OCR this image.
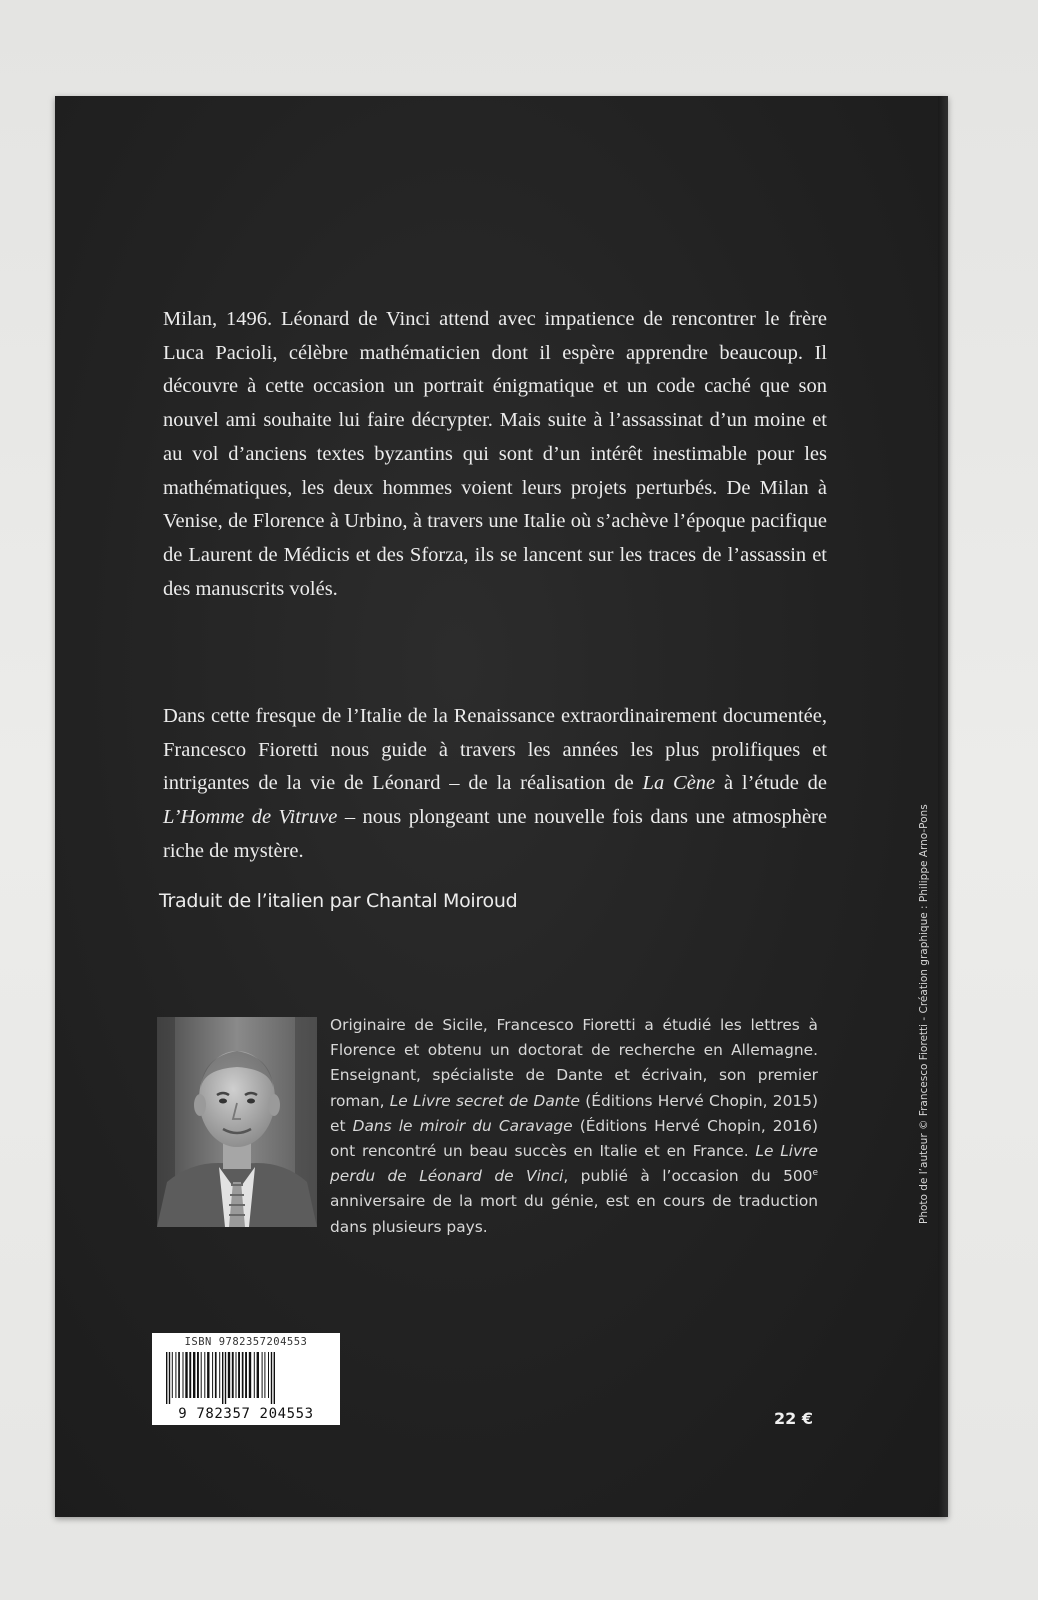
Milan, 1496. Léonard de Vinci attend avec impatience de rencontrer le frère Luca Pacioli, célèbre mathématicien dont il espère apprendre beaucoup. Il découvre à cette occasion un portrait énigmatique et un code caché que son nouvel ami souhaite lui faire décrypter. Mais suite à l’assassinat d’un moine et au vol d’anciens textes byzantins qui sont d’un intérêt inestimable pour les mathématiques, les deux hommes voient leurs projets perturbés. De Milan à Venise, de Florence à Urbino, à travers une Italie où s’achève l’époque pacifique de Laurent de Médicis et des Sforza, ils se lancent sur les traces de l’assassin et des manuscrits volés.

Dans cette fresque de l’Italie de la Renaissance extraordinairement documentée, Francesco Fioretti nous guide à travers les années les plus prolifiques et intrigantes de la vie de Léonard – de la réalisation de La Cène à l’étude de L’Homme de Vitruve – nous plongeant une nouvelle fois dans une atmosphère riche de mystère.

Traduit de l’italien par Chantal Moiroud

Originaire de Sicile, Francesco Fioretti a étudié les lettres à Florence et obtenu un doctorat de recherche en Allemagne. Enseignant, spécialiste de Dante et écrivain, son premier roman, Le Livre secret de Dante (Éditions Hervé Chopin, 2015) et Dans le miroir du Caravage (Éditions Hervé Chopin, 2016) ont rencontré un beau succès en Italie et en France. Le Livre perdu de Léonard de Vinci, publié à l’occasion du 500e anniversaire de la mort du génie, est en cours de traduction dans plusieurs pays.

ISBN 9782357204553
9 782357 204553	22 €
Photo de l’auteur © Francesco Fioretti - Création graphique : Philippe Arno-Pons
